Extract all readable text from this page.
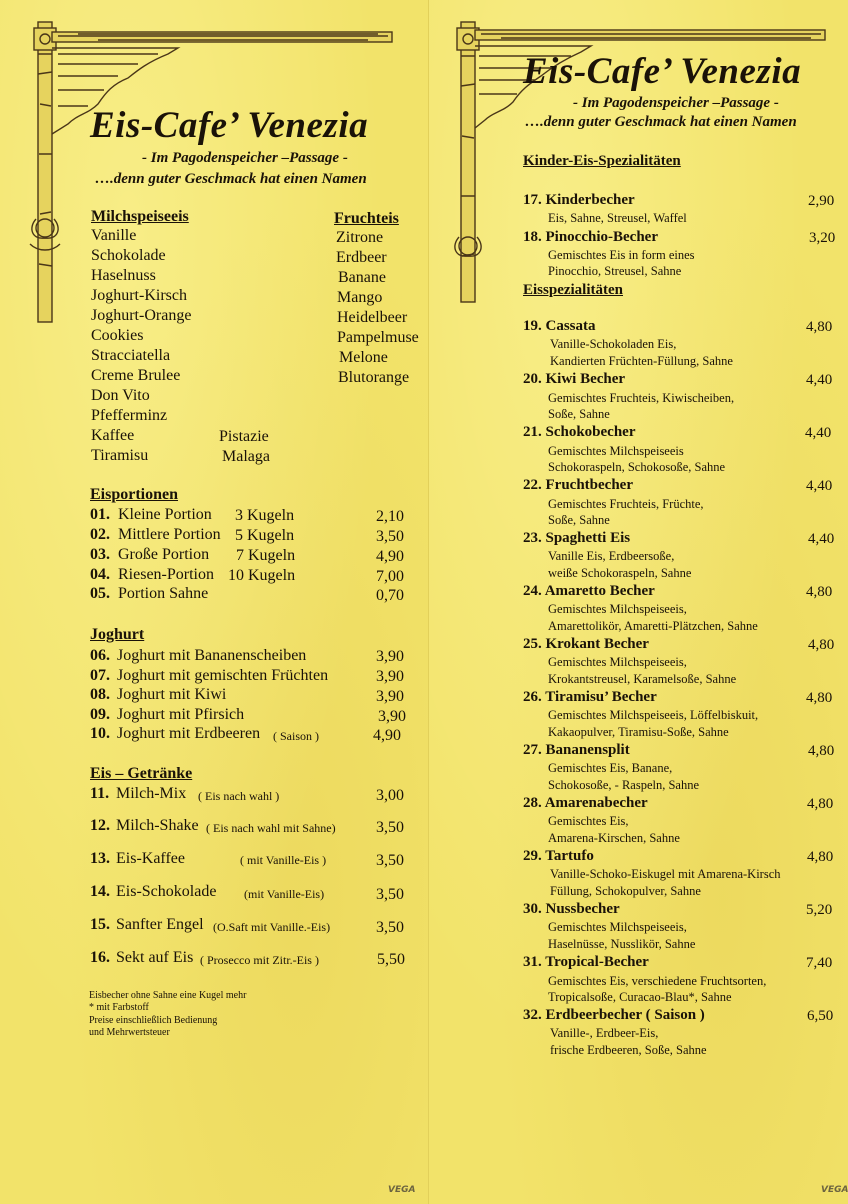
Eis-Cafe’ Venezia
- Im Pagodenspeicher –Passage -
….denn guter Geschmack hat einen Namen
Milchspeiseeis
Vanille
Schokolade
Haselnuss
Joghurt-Kirsch
Joghurt-Orange
Cookies
Stracciatella
Creme Brulee
Don Vito
Pfefferminz
Kaffee
Tiramisu
Pistazie
Malaga
Fruchteis
Zitrone
Erdbeer
Banane
Mango
Heidelbeer
Pampelmuse
Melone
Blutorange
Eisportionen
01. Kleine Portion 3 Kugeln	2,10
02. Mittlere Portion 5 Kugeln	3,50
03. Große Portion 7 Kugeln	4,90
04. Riesen-Portion 10 Kugeln	7,00
05. Portion Sahne	0,70
Joghurt
06. Joghurt mit Bananenscheiben	3,90
07. Joghurt mit gemischten Früchten	3,90
08. Joghurt mit Kiwi	3,90
09. Joghurt mit Pfirsich	3,90
10. Joghurt mit Erdbeeren ( Saison )	4,90
Eis – Getränke
11. Milch-Mix ( Eis nach wahl )	3,00
12. Milch-Shake ( Eis nach wahl mit Sahne)	3,50
13. Eis-Kaffee	( mit Vanille-Eis )	3,50
14. Eis-Schokolade (mit Vanille-Eis)	3,50
15. Sanfter Engel (O.Saft mit Vanille.-Eis)	3,50
16. Sekt auf Eis ( Prosecco mit Zitr.-Eis )	5,50
Eisbecher ohne Sahne eine Kugel mehr
* mit Farbstoff
Preise einschließlich Bedienung
und Mehrwertsteuer
VEGA
Eis-Cafe’ Venezia
- Im Pagodenspeicher –Passage -
….denn guter Geschmack hat einen Namen
Kinder-Eis-Spezialitäten
17. Kinderbecher	2,90
Eis, Sahne, Streusel, Waffel
18. Pinocchio-Becher	3,20
Gemischtes Eis in form eines
Pinocchio, Streusel, Sahne
Eisspezialitäten
19. Cassata	4,80
Vanille-Schokoladen Eis,
Kandierten Früchten-Füllung, Sahne
20. Kiwi Becher	4,40
Gemischtes Fruchteis, Kiwischeiben,
Soße, Sahne
21. Schokobecher	4,40
Gemischtes Milchspeiseeis
Schokoraspeln, Schokosoße, Sahne
22. Fruchtbecher	4,40
Gemischtes Fruchteis, Früchte,
Soße, Sahne
23. Spaghetti Eis	4,40
Vanille Eis, Erdbeersoße,
weiße Schokoraspeln, Sahne
24. Amaretto Becher	4,80
Gemischtes Milchspeiseeis,
Amarettolikör, Amaretti-Plätzchen, Sahne
25. Krokant Becher	4,80
Gemischtes Milchspeiseeis,
Krokantstreusel, Karamelsoße, Sahne
26. Tiramisu’ Becher	4,80
Gemischtes Milchspeiseeis, Löffelbiskuit,
Kakaopulver, Tiramisu-Soße, Sahne
27. Bananensplit	4,80
Gemischtes Eis, Banane,
Schokosoße, - Raspeln, Sahne
28. Amarenabecher	4,80
Gemischtes Eis,
Amarena-Kirschen, Sahne
29. Tartufo	4,80
Vanille-Schoko-Eiskugel mit Amarena-Kirsch
Füllung, Schokopulver, Sahne
30. Nussbecher	5,20
Gemischtes Milchspeiseeis,
Haselnüsse, Nusslikör, Sahne
31. Tropical-Becher	7,40
Gemischtes Eis, verschiedene Fruchtsorten,
Tropicalsoße, Curacao-Blau*, Sahne
32. Erdbeerbecher ( Saison )	6,50
Vanille-, Erdbeer-Eis,
frische Erdbeeren, Soße, Sahne
VEGA
